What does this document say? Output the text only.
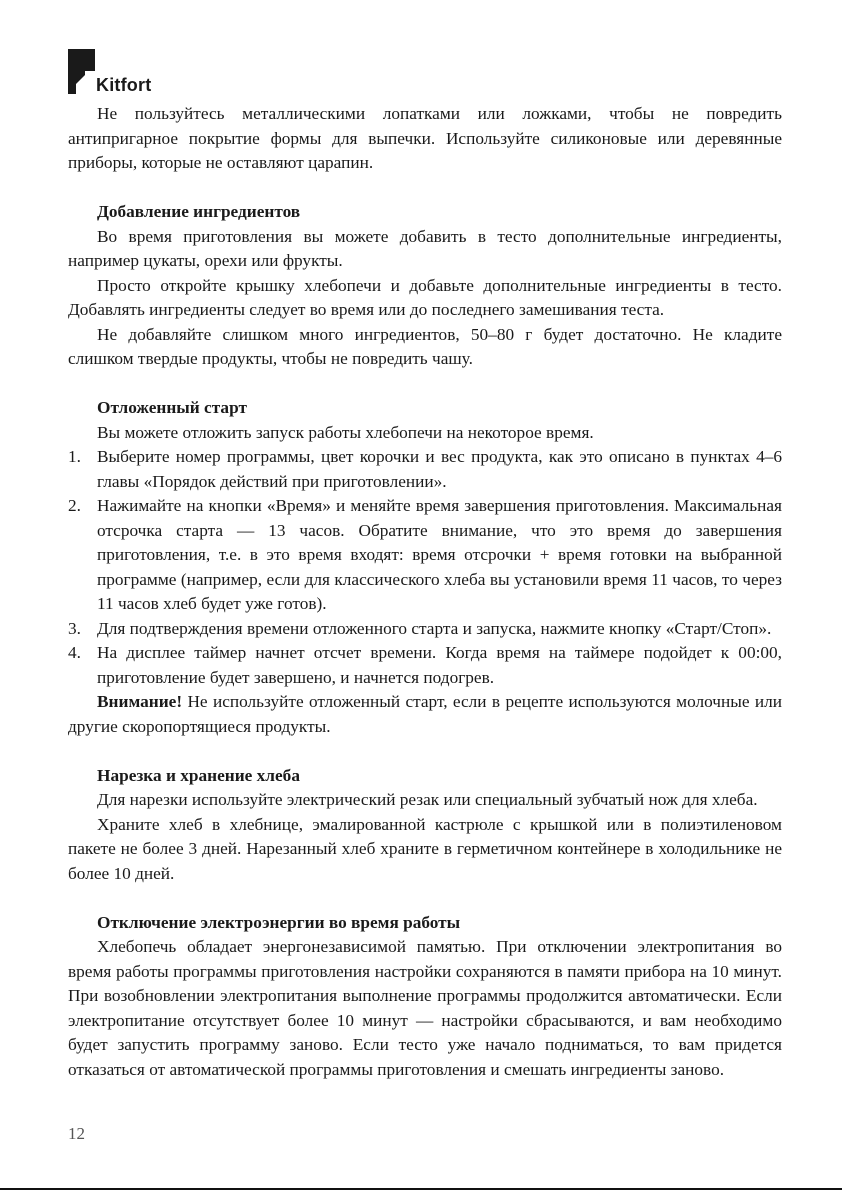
Kitfort

Не пользуйтесь металлическими лопатками или ложками, чтобы не повредить антипригарное покрытие формы для выпечки. Используйте силиконовые или деревянные приборы, которые не оставляют царапин.

Добавление ингредиентов

Во время приготовления вы можете добавить в тесто дополнительные ингредиенты, например цукаты, орехи или фрукты.

Просто откройте крышку хлебопечи и добавьте дополнительные ингредиенты в тесто. Добавлять ингредиенты следует во время или до последнего замешивания теста.

Не добавляйте слишком много ингредиентов, 50–80 г будет достаточно. Не кладите слишком твердые продукты, чтобы не повредить чашу.

Отложенный старт

Вы можете отложить запуск работы хлебопечи на некоторое время.

1. Выберите номер программы, цвет корочки и вес продукта, как это описано в пунктах 4–6 главы «Порядок действий при приготовлении».
2. Нажимайте на кнопки «Время» и меняйте время завершения приготовления. Максимальная отсрочка старта — 13 часов. Обратите внимание, что это время до завершения приготовления, т.е. в это время входят: время отсрочки + время готовки на выбранной программе (например, если для классического хлеба вы установили время 11 часов, то через 11 часов хлеб будет уже готов).
3. Для подтверждения времени отложенного старта и запуска, нажмите кнопку «Старт/Стоп».
4. На дисплее таймер начнет отсчет времени. Когда время на таймере подойдет к 00:00, приготовление будет завершено, и начнется подогрев.

Внимание! Не используйте отложенный старт, если в рецепте используются молочные или другие скоропортящиеся продукты.

Нарезка и хранение хлеба

Для нарезки используйте электрический резак или специальный зубчатый нож для хлеба.

Храните хлеб в хлебнице, эмалированной кастрюле с крышкой или в полиэтиленовом пакете не более 3 дней. Нарезанный хлеб храните в герметичном контейнере в холодильнике не более 10 дней.

Отключение электроэнергии во время работы

Хлебопечь обладает энергонезависимой памятью. При отключении электропитания во время работы программы приготовления настройки сохраняются в памяти прибора на 10 минут. При возобновлении электропитания выполнение программы продолжится автоматически. Если электропитание отсутствует более 10 минут — настройки сбрасываются, и вам необходимо будет запустить программу заново. Если тесто уже начало подниматься, то вам придется отказаться от автоматической программы приготовления и смешать ингредиенты заново.

12
